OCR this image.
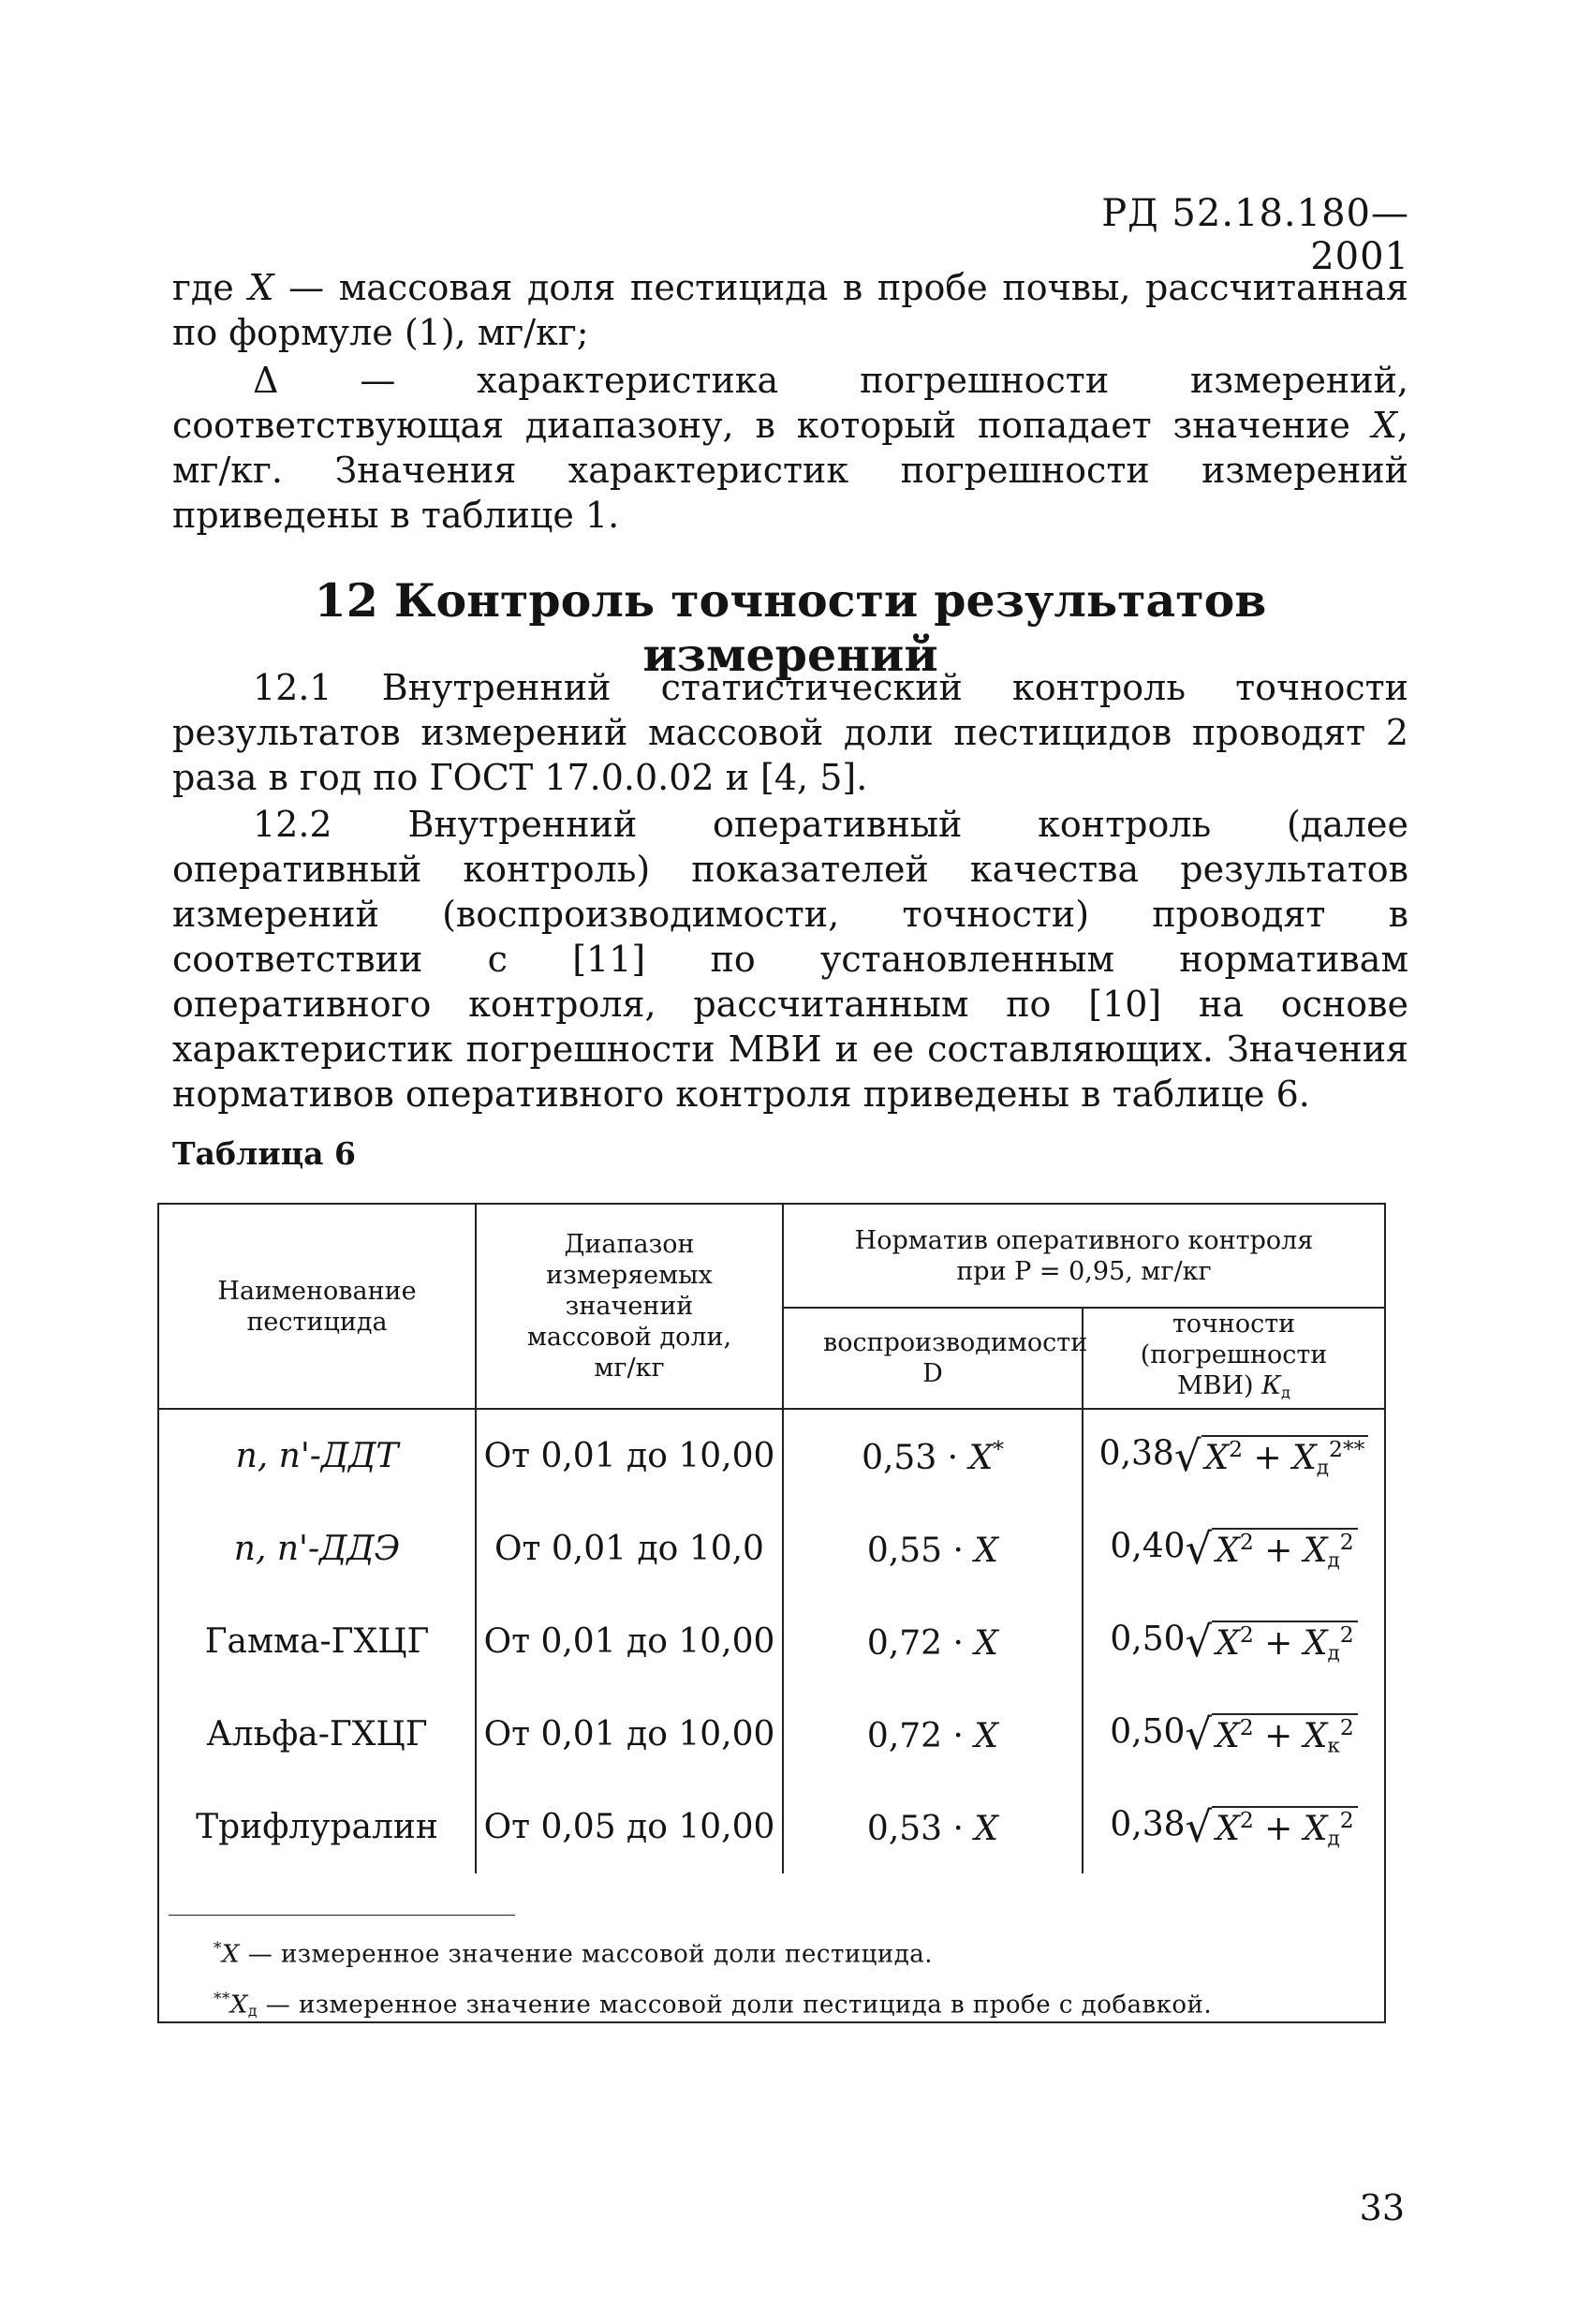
РД 52.18.180—2001
где X — массовая доля пестицида в пробе почвы, рассчитанная по формуле (1), мг/кг;
Δ — характеристика погрешности измерений, соответствующая диапазону, в который попадает значение X, мг/кг. Значения характеристик погрешности измерений приведены в таблице 1.
12 Контроль точности результатов измерений
12.1 Внутренний статистический контроль точности результатов измерений массовой доли пестицидов проводят 2 раза в год по ГОСТ 17.0.0.02 и [4, 5].
12.2 Внутренний оперативный контроль (далее оперативный контроль) показателей качества результатов измерений (воспроизводимости, точности) проводят в соответствии с [11] по установленным нормативам оперативного контроля, рассчитанным по [10] на основе характеристик погрешности МВИ и ее составляющих. Значения нормативов оперативного контроля приведены в таблице 6.
Таблица 6
Наименование пестицида	Диапазон измеряемых значений массовой доли, мг/кг	Норматив оперативного контроля при Р = 0,95, мг/кг	
		воспроизводимости D	точности (погрешности МВИ) $К_д$
п, п'-ДДТ	От 0,01 до 10,00	0,53 · X*	0,38√ $X^2 + X_д^{2**}$
п, п'-ДДЭ	От 0,01 до 10,0	0,55 · X	0,40√ $X^2 + X_д^2$
Гамма-ГХЦГ	От 0,01 до 10,00	0,72 · X	0,50√ $X^2 + X_д^2$
Альфа-ГХЦГ	От 0,01 до 10,00	0,72 · X	0,50√ $X^2 + X_к^2$
Трифлуралин	От 0,05 до 10,00	0,53 · X	0,38√ $X^2 + X_д^2$
*X — измеренное значение массовой доли пестицида.
$^{**}X_д$ — измеренное значение массовой доли пестицида в пробе с добавкой.
33
